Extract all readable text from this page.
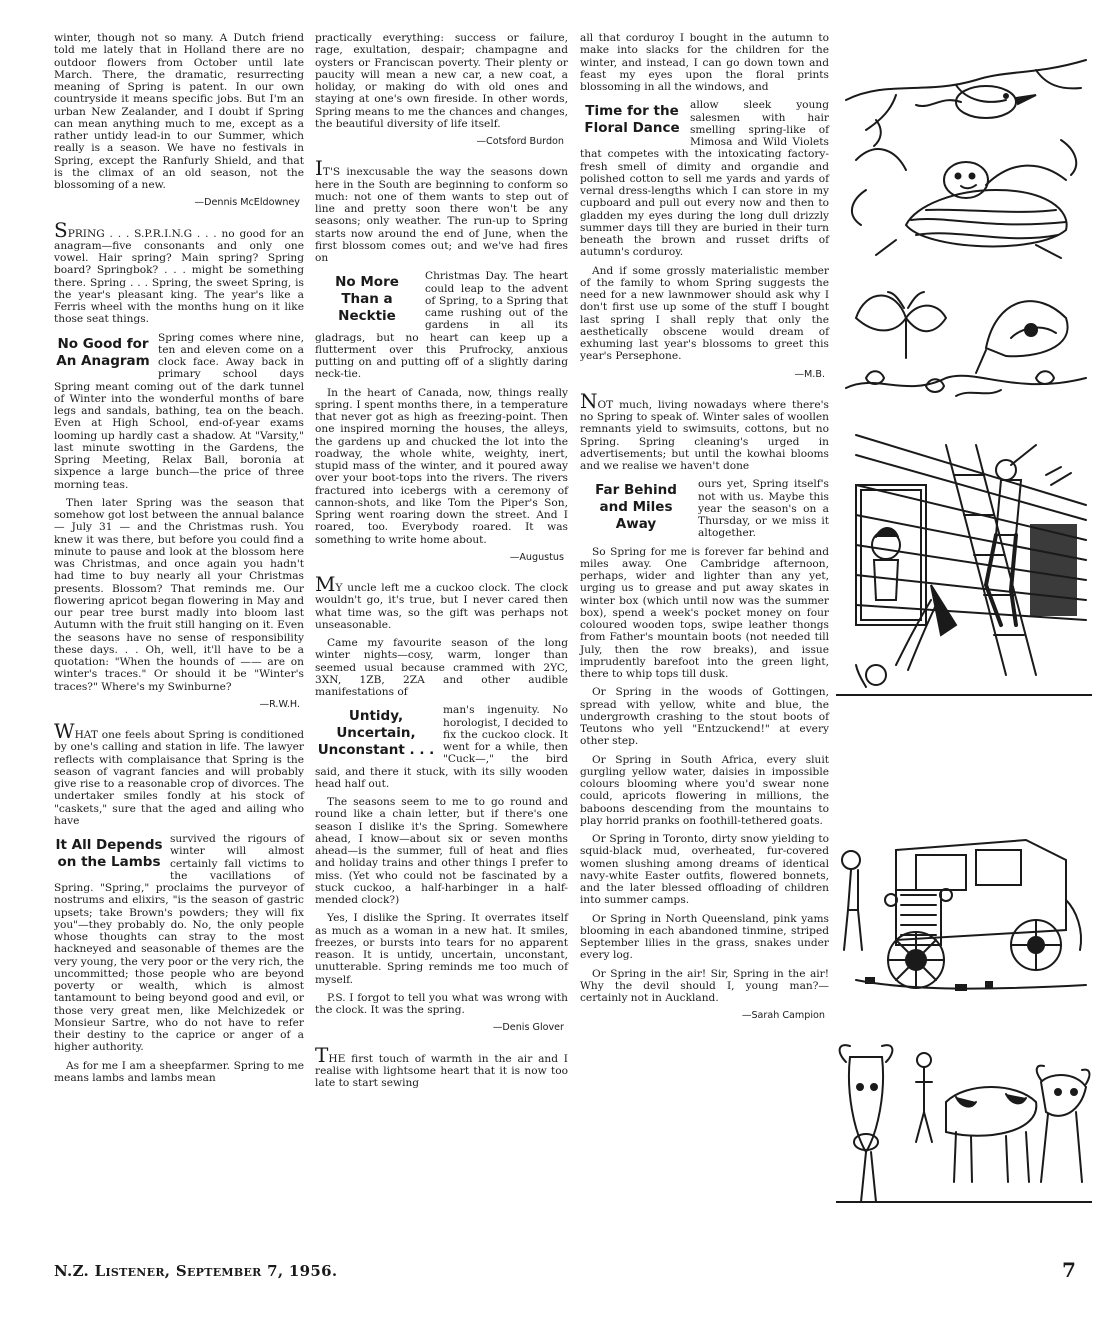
winter, though not so many. A Dutch friend told me lately that in Holland there are no outdoor flowers from October until late March. There, the dramatic, resurrecting meaning of Spring is patent. In our own countryside it means specific jobs. But I'm an urban New Zealander, and I doubt if Spring can mean anything much to me, except as a rather untidy lead-in to our Summer, which really is a season. We have no festivals in Spring, except the Ranfurly Shield, and that is the climax of an old season, not the blossoming of a new.

—Dennis McEldowney

SPRING . . . S.P.R.I.N.G . . . no good for an anagram—five consonants and only one vowel. Hair spring? Main spring? Spring board? Springbok? . . . might be something there. Spring . . . Spring, the sweet Spring, is the year's pleasant king. The year's like a Ferris wheel with the months hung on it like those seat things.

No Good for An Anagram

Spring comes where nine, ten and eleven come on a clock face. Away back in primary school days Spring meant coming out of the dark tunnel of Winter into the wonderful months of bare legs and sandals, bathing, tea on the beach. Even at High School, end-of-year exams looming up hardly cast a shadow. At "Varsity," last minute swotting in the Gardens, the Spring Meeting, Relax Ball, boronia at sixpence a large bunch—the price of three morning teas.

Then later Spring was the season that somehow got lost between the annual balance — July 31 — and the Christmas rush. You knew it was there, but before you could find a minute to pause and look at the blossom here was Christmas, and once again you hadn't had time to buy nearly all your Christmas presents. Blossom? That reminds me. Our flowering apricot began flowering in May and our pear tree burst madly into bloom last Autumn with the fruit still hanging on it. Even the seasons have no sense of responsibility these days. . . Oh, well, it'll have to be a quotation: "When the hounds of —— are on winter's traces." Or should it be "Winter's traces?" Where's my Swinburne?

—R.W.H.

WHAT one feels about Spring is conditioned by one's calling and station in life. The lawyer reflects with complaisance that Spring is the season of vagrant fancies and will probably give rise to a reasonable crop of divorces. The undertaker smiles fondly at his stock of "caskets," sure that the aged and ailing who have

It All Depends on the Lambs

survived the rigours of winter will almost certainly fall victims to the vacillations of Spring. "Spring," proclaims the purveyor of nostrums and elixirs, "is the season of gastric upsets; take Brown's powders; they will fix you"—they probably do. No, the only people whose thoughts can stray to the most hackneyed and seasonable of themes are the very young, the very poor or the very rich, the uncommitted; those people who are beyond poverty or wealth, which is almost tantamount to being beyond good and evil, or those very great men, like Melchizedek or Monsieur Sartre, who do not have to refer their destiny to the caprice or anger of a higher authority.

As for me I am a sheepfarmer. Spring to me means lambs and lambs mean

practically everything: success or failure, rage, exultation, despair; champagne and oysters or Franciscan poverty. Their plenty or paucity will mean a new car, a new coat, a holiday, or making do with old ones and staying at one's own fireside. In other words, Spring means to me the chances and changes, the beautiful diversity of life itself.

—Cotsford Burdon

IT'S inexcusable the way the seasons down here in the South are beginning to conform so much: not one of them wants to step out of line and pretty soon there won't be any seasons; only weather. The run-up to Spring starts now around the end of June, when the first blossom comes out; and we've had fires on

No More Than a Necktie

Christmas Day. The heart could leap to the advent of Spring, to a Spring that came rushing out of the gardens in all its gladrags, but no heart can keep up a flutterment over this Prufrocky, anxious putting on and putting off of a slightly daring neck-tie.

In the heart of Canada, now, things really spring. I spent months there, in a temperature that never got as high as freezing-point. Then one inspired morning the houses, the alleys, the gardens up and chucked the lot into the roadway, the whole white, weighty, inert, stupid mass of the winter, and it poured away over your boot-tops into the rivers. The rivers fractured into icebergs with a ceremony of cannon-shots, and like Tom the Piper's Son, Spring went roaring down the street. And I roared, too. Everybody roared. It was something to write home about.

—Augustus

MY uncle left me a cuckoo clock. The clock wouldn't go, it's true, but I never cared then what time was, so the gift was perhaps not unseasonable.

Came my favourite season of the long winter nights—cosy, warm, longer than seemed usual because crammed with 2YC, 3XN, 1ZB, 2ZA and other audible manifestations of

Untidy, Uncertain, Unconstant . . .

man's ingenuity. No horologist, I decided to fix the cuckoo clock. It went for a while, then "Cuck—," the bird said, and there it stuck, with its silly wooden head half out.

The seasons seem to me to go round and round like a chain letter, but if there's one season I dislike it's the Spring. Somewhere ahead, I know—about six or seven months ahead—is the summer, full of heat and flies and holiday trains and other things I prefer to miss. (Yet who could not be fascinated by a stuck cuckoo, a half-harbinger in a half-mended clock?)

Yes, I dislike the Spring. It overrates itself as much as a woman in a new hat. It smiles, freezes, or bursts into tears for no apparent reason. It is untidy, uncertain, unconstant, unutterable. Spring reminds me too much of myself.

P.S. I forgot to tell you what was wrong with the clock. It was the spring.

—Denis Glover

THE first touch of warmth in the air and I realise with lightsome heart that it is now too late to start sewing

all that corduroy I bought in the autumn to make into slacks for the children for the winter, and instead, I can go down town and feast my eyes upon the floral prints blossoming in all the windows, and

Time for the Floral Dance

allow sleek young salesmen with hair smelling spring-like of Mimosa and Wild Violets that competes with the intoxicating factory-fresh smell of dimity and organdie and polished cotton to sell me yards and yards of vernal dress-lengths which I can store in my cupboard and pull out every now and then to gladden my eyes during the long dull drizzly summer days till they are buried in their turn beneath the brown and russet drifts of autumn's corduroy.

And if some grossly materialistic member of the family to whom Spring suggests the need for a new lawnmower should ask why I don't first use up some of the stuff I bought last spring I shall reply that only the aesthetically obscene would dream of exhuming last year's blossoms to greet this year's Persephone.

—M.B.

NOT much, living nowadays where there's no Spring to speak of. Winter sales of woollen remnants yield to swimsuits, cottons, but no Spring. Spring cleaning's urged in advertisements; but until the kowhai blooms and we realise we haven't done

Far Behind and Miles Away

ours yet, Spring itself's not with us. Maybe this year the season's on a Thursday, or we miss it altogether.

So Spring for me is forever far behind and miles away. One Cambridge afternoon, perhaps, wider and lighter than any yet, urging us to grease and put away skates in winter box (which until now was the summer box), spend a week's pocket money on four coloured wooden tops, swipe leather thongs from Father's mountain boots (not needed till July, then the row breaks), and issue imprudently barefoot into the green light, there to whip tops till dusk.

Or Spring in the woods of Gottingen, spread with yellow, white and blue, the undergrowth crashing to the stout boots of Teutons who yell "Entzuckend!" at every other step.

Or Spring in South Africa, every sluit gurgling yellow water, daisies in impossible colours blooming where you'd swear none could, apricots flowering in millions, the baboons descending from the mountains to play horrid pranks on foothill-tethered goats.

Or Spring in Toronto, dirty snow yielding to squid-black mud, overheated, fur-covered women slushing among dreams of identical navy-white Easter outfits, flowered bonnets, and the later blessed offloading of children into summer camps.

Or Spring in North Queensland, pink yams blooming in each abandoned tinmine, striped September lilies in the grass, snakes under every log.

Or Spring in the air! Sir, Spring in the air! Why the devil should I, young man?—certainly not in Auckland.

—Sarah Campion
N.Z. Listener, September 7, 1956.	7
